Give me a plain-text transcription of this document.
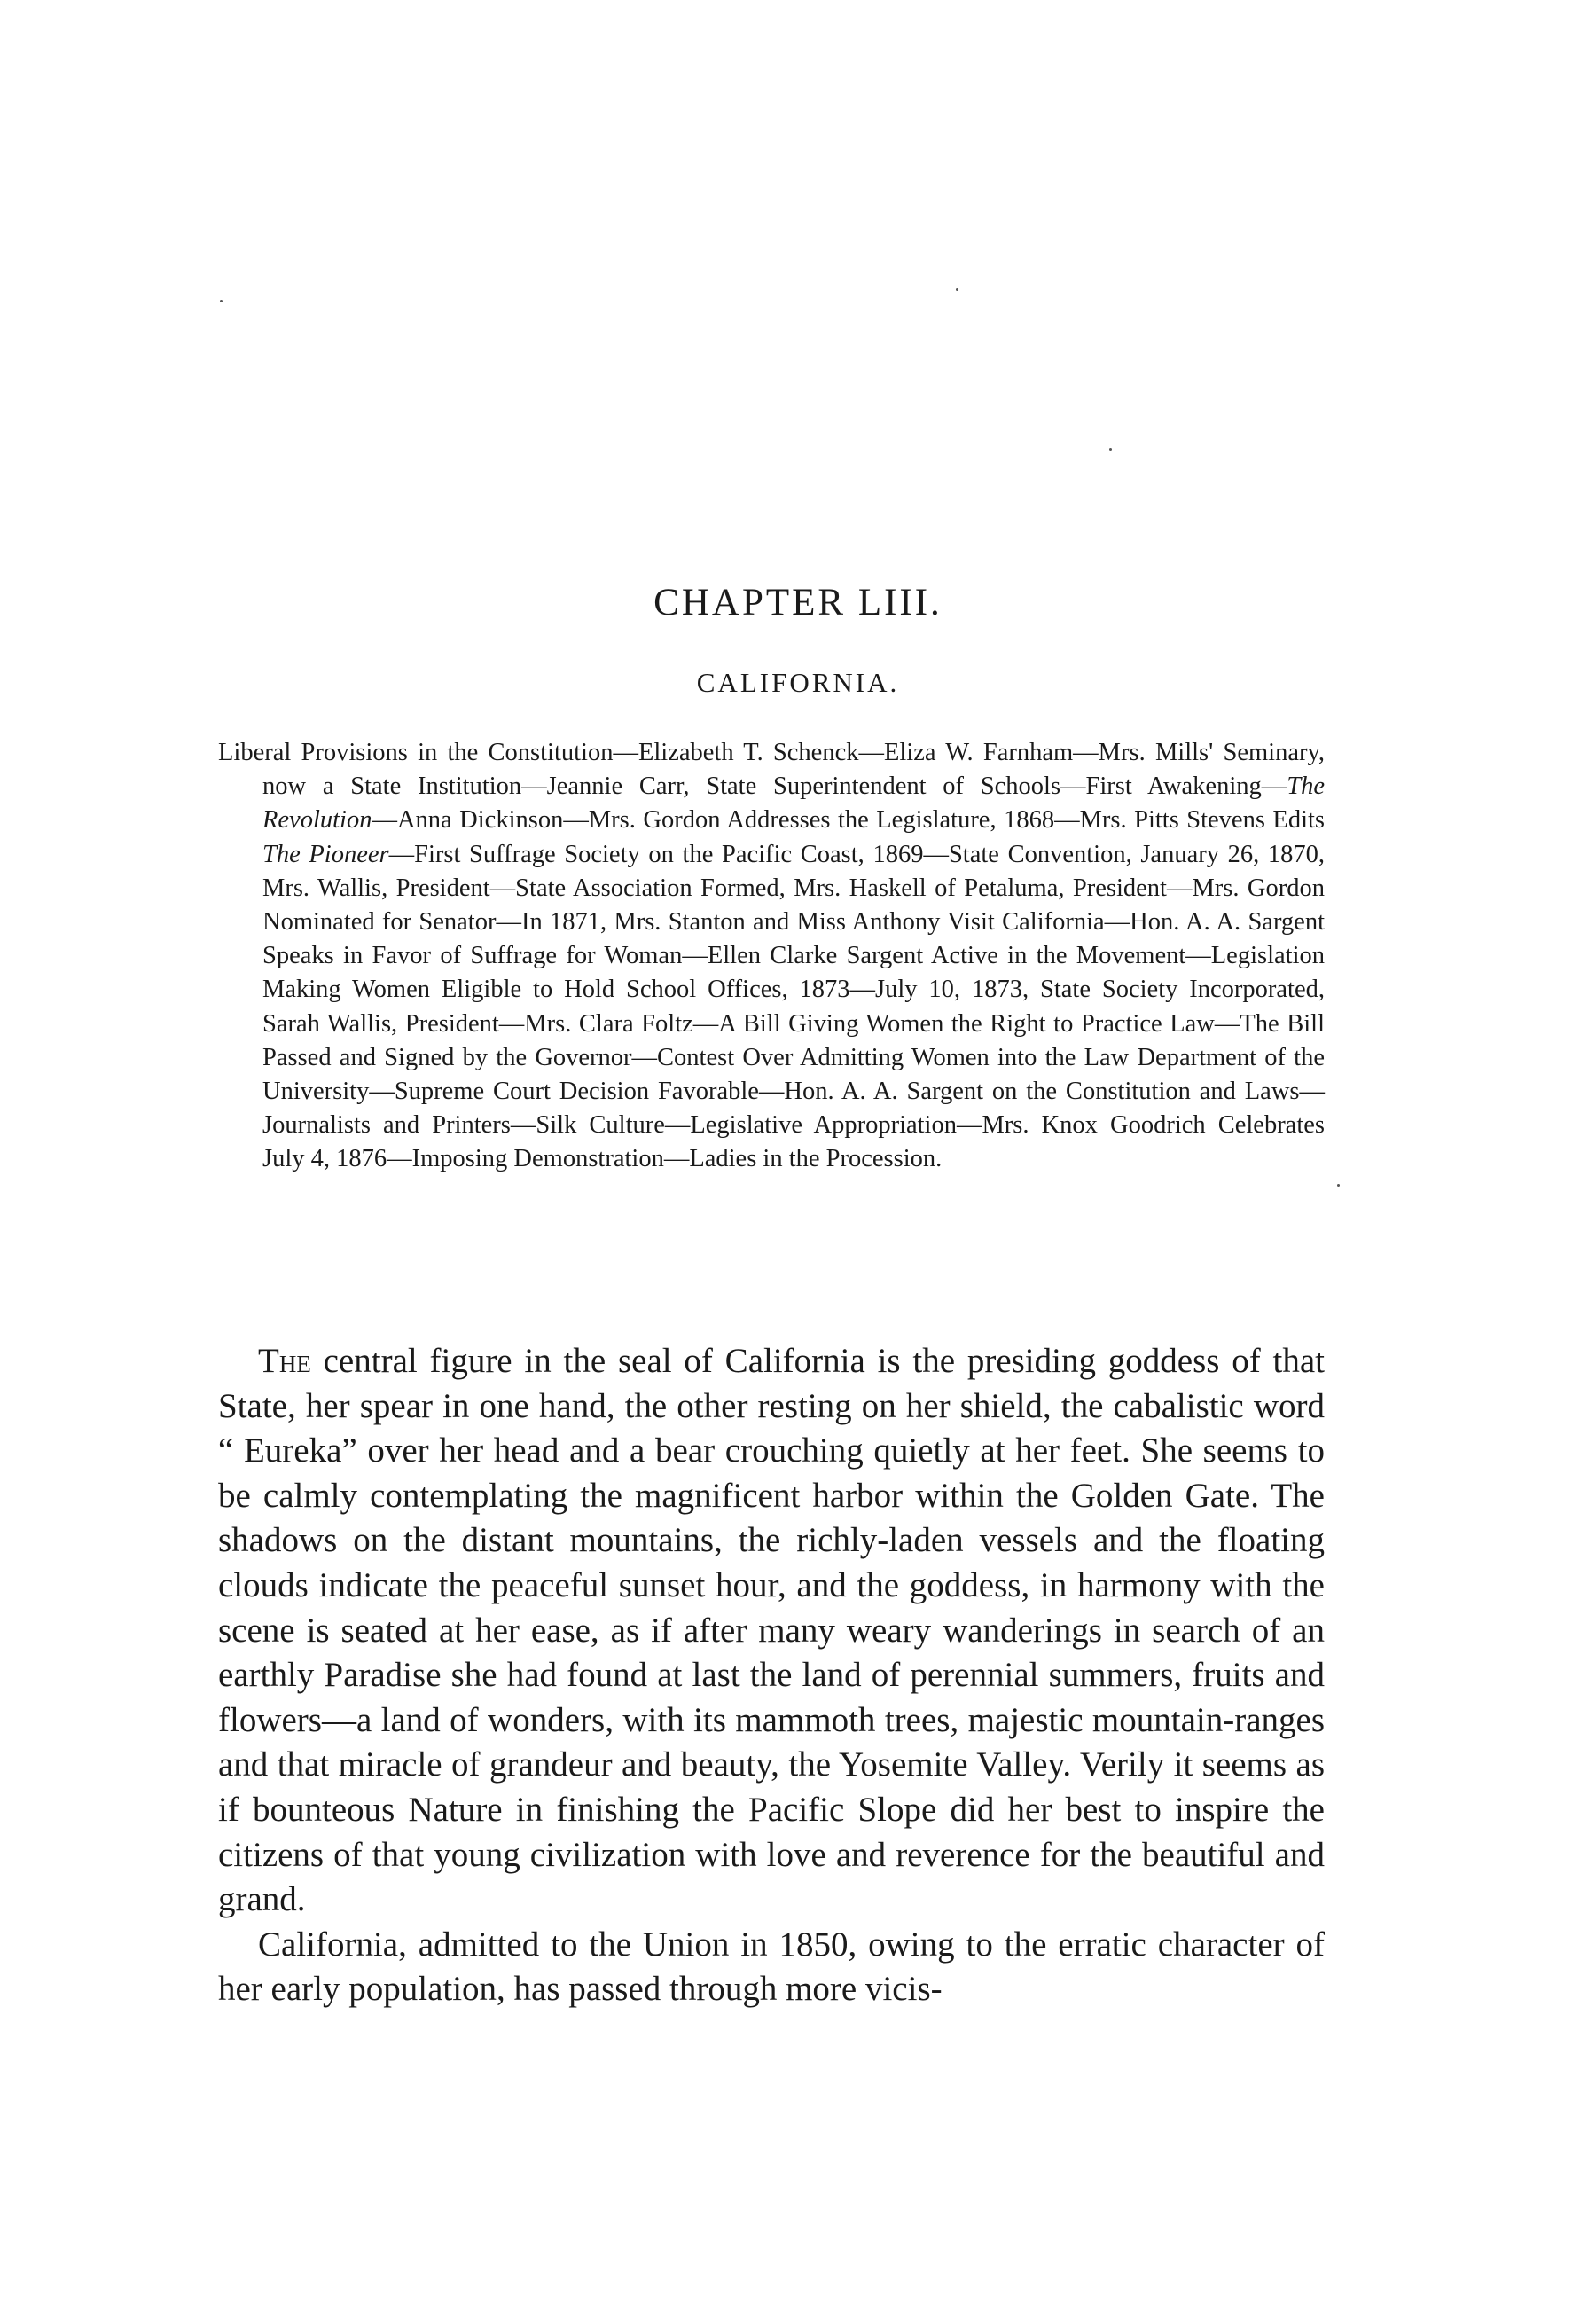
CHAPTER LIII.
CALIFORNIA.

Liberal Provisions in the Constitution—Elizabeth T. Schenck—Eliza W. Farnham—Mrs. Mills' Seminary, now a State Institution—Jeannie Carr, State Superintendent of Schools—First Awakening—The Revolution—Anna Dickinson—Mrs. Gordon Addresses the Legislature, 1868—Mrs. Pitts Stevens Edits The Pioneer—First Suffrage Society on the Pacific Coast, 1869—State Convention, January 26, 1870, Mrs. Wallis, President—State Association Formed, Mrs. Haskell of Petaluma, President—Mrs. Gordon Nominated for Senator—In 1871, Mrs. Stanton and Miss Anthony Visit California—Hon. A. A. Sargent Speaks in Favor of Suffrage for Woman—Ellen Clarke Sargent Active in the Movement—Legislation Making Women Eligible to Hold School Offices, 1873—July 10, 1873, State Society Incorporated, Sarah Wallis, President—Mrs. Clara Foltz—A Bill Giving Women the Right to Practice Law—The Bill Passed and Signed by the Governor—Contest Over Admitting Women into the Law Department of the University—Supreme Court Decision Favorable—Hon. A. A. Sargent on the Constitution and Laws—Journalists and Printers—Silk Culture—Legislative Appropriation—Mrs. Knox Goodrich Celebrates July 4, 1876—Imposing Demonstration—Ladies in the Procession.

The central figure in the seal of California is the presiding goddess of that State, her spear in one hand, the other resting on her shield, the cabalistic word “ Eureka” over her head and a bear crouching quietly at her feet. She seems to be calmly contemplating the magnificent harbor within the Golden Gate. The shadows on the distant mountains, the richly-laden vessels and the floating clouds indicate the peaceful sunset hour, and the goddess, in harmony with the scene is seated at her ease, as if after many weary wanderings in search of an earthly Paradise she had found at last the land of perennial summers, fruits and flowers—a land of wonders, with its mammoth trees, majestic mountain-ranges and that miracle of grandeur and beauty, the Yosemite Valley. Verily it seems as if bounteous Nature in finishing the Pacific Slope did her best to inspire the citizens of that young civilization with love and reverence for the beautiful and grand.

California, admitted to the Union in 1850, owing to the erratic character of her early population, has passed through more vicis-
